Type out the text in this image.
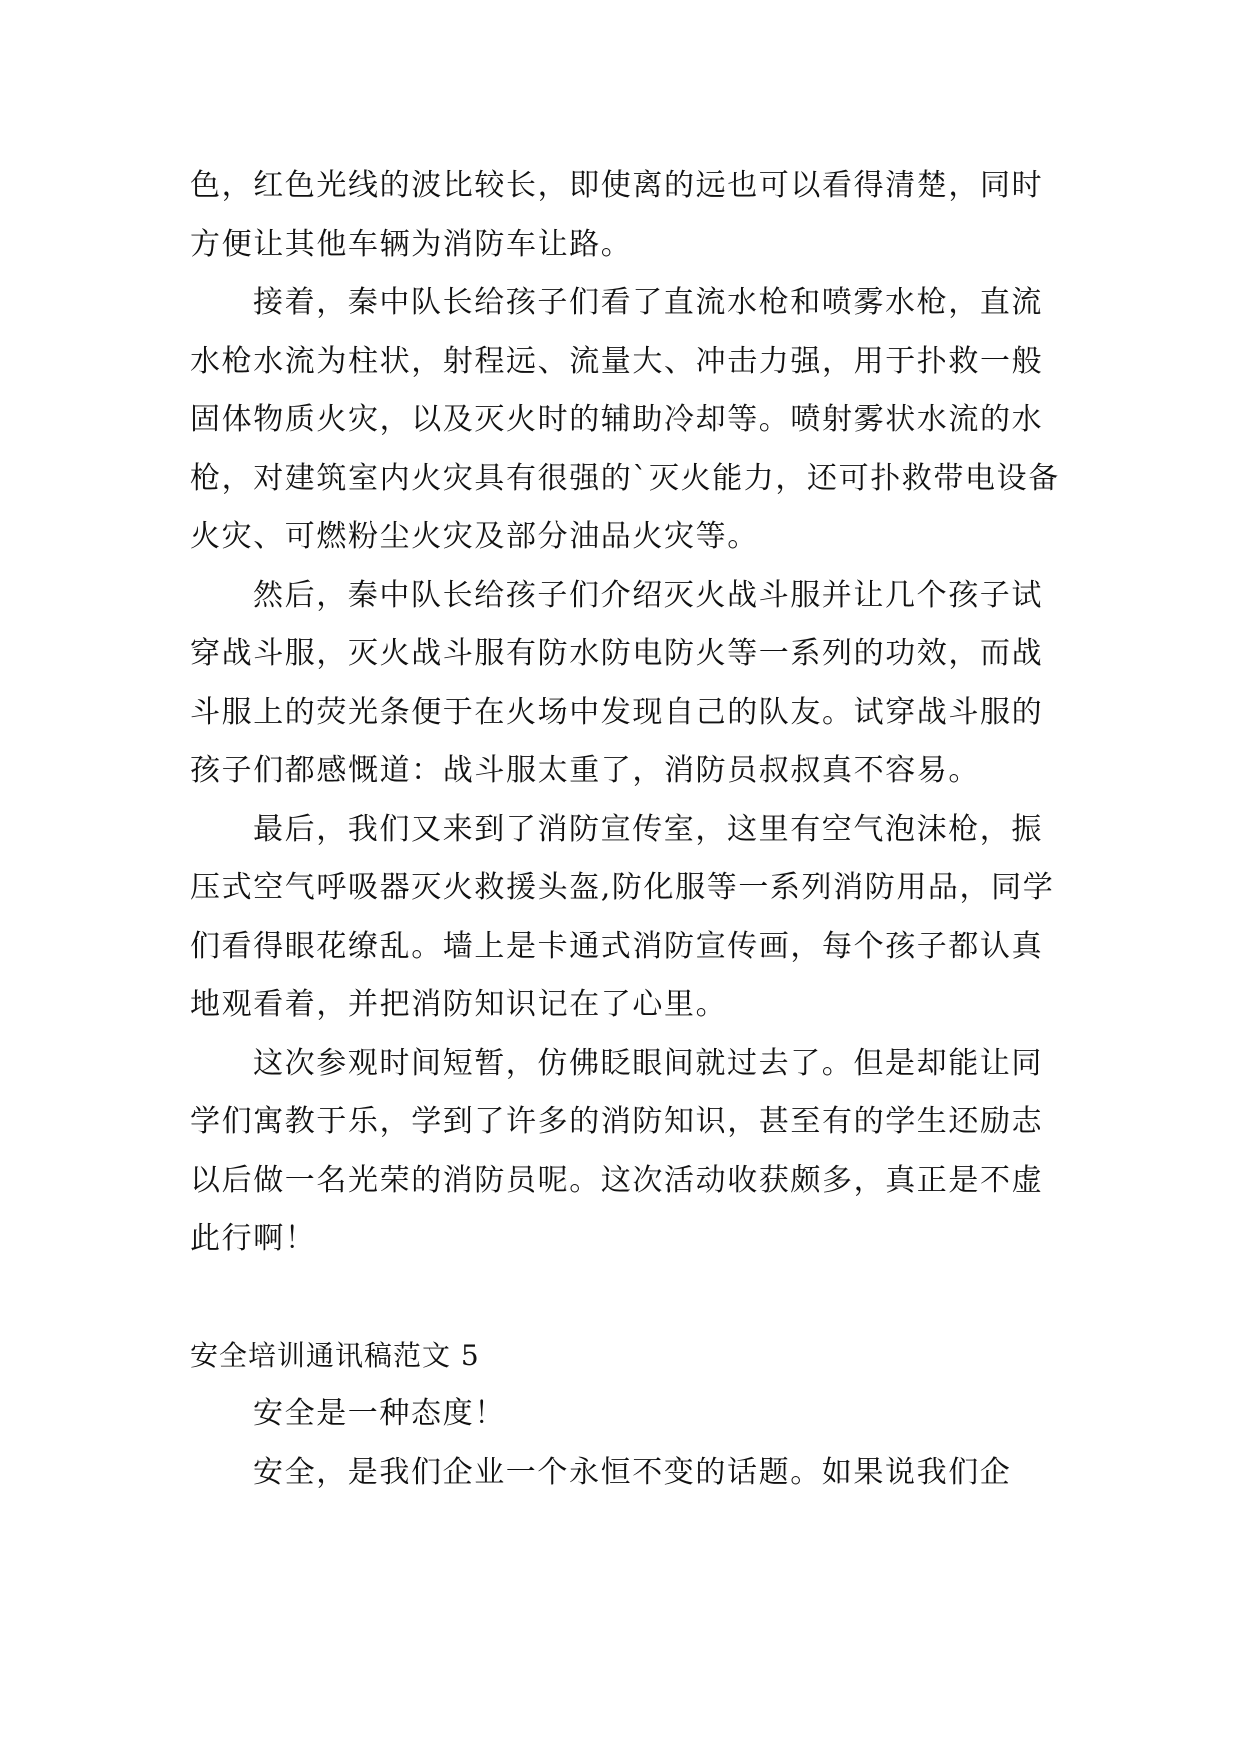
色，红色光线的波比较长，即使离的远也可以看得清楚，同时方便让其他车辆为消防车让路。

接着，秦中队长给孩子们看了直流水枪和喷雾水枪，直流水枪水流为柱状，射程远、流量大、冲击力强，用于扑救一般固体物质火灾，以及灭火时的辅助冷却等。喷射雾状水流的水枪，对建筑室内火灾具有很强的`灭火能力，还可扑救带电设备火灾、可燃粉尘火灾及部分油品火灾等。

然后，秦中队长给孩子们介绍灭火战斗服并让几个孩子试穿战斗服，灭火战斗服有防水防电防火等一系列的功效，而战斗服上的荧光条便于在火场中发现自己的队友。试穿战斗服的孩子们都感慨道：战斗服太重了，消防员叔叔真不容易。

最后，我们又来到了消防宣传室，这里有空气泡沫枪，振压式空气呼吸器灭火救援头盔,防化服等一系列消防用品，同学们看得眼花缭乱。墙上是卡通式消防宣传画，每个孩子都认真地观看着，并把消防知识记在了心里。

这次参观时间短暂，仿佛眨眼间就过去了。但是却能让同学们寓教于乐，学到了许多的消防知识，甚至有的学生还励志以后做一名光荣的消防员呢。这次活动收获颇多，真正是不虚此行啊！

安全培训通讯稿范文 5

安全是一种态度！

安全，是我们企业一个永恒不变的话题。如果说我们企
